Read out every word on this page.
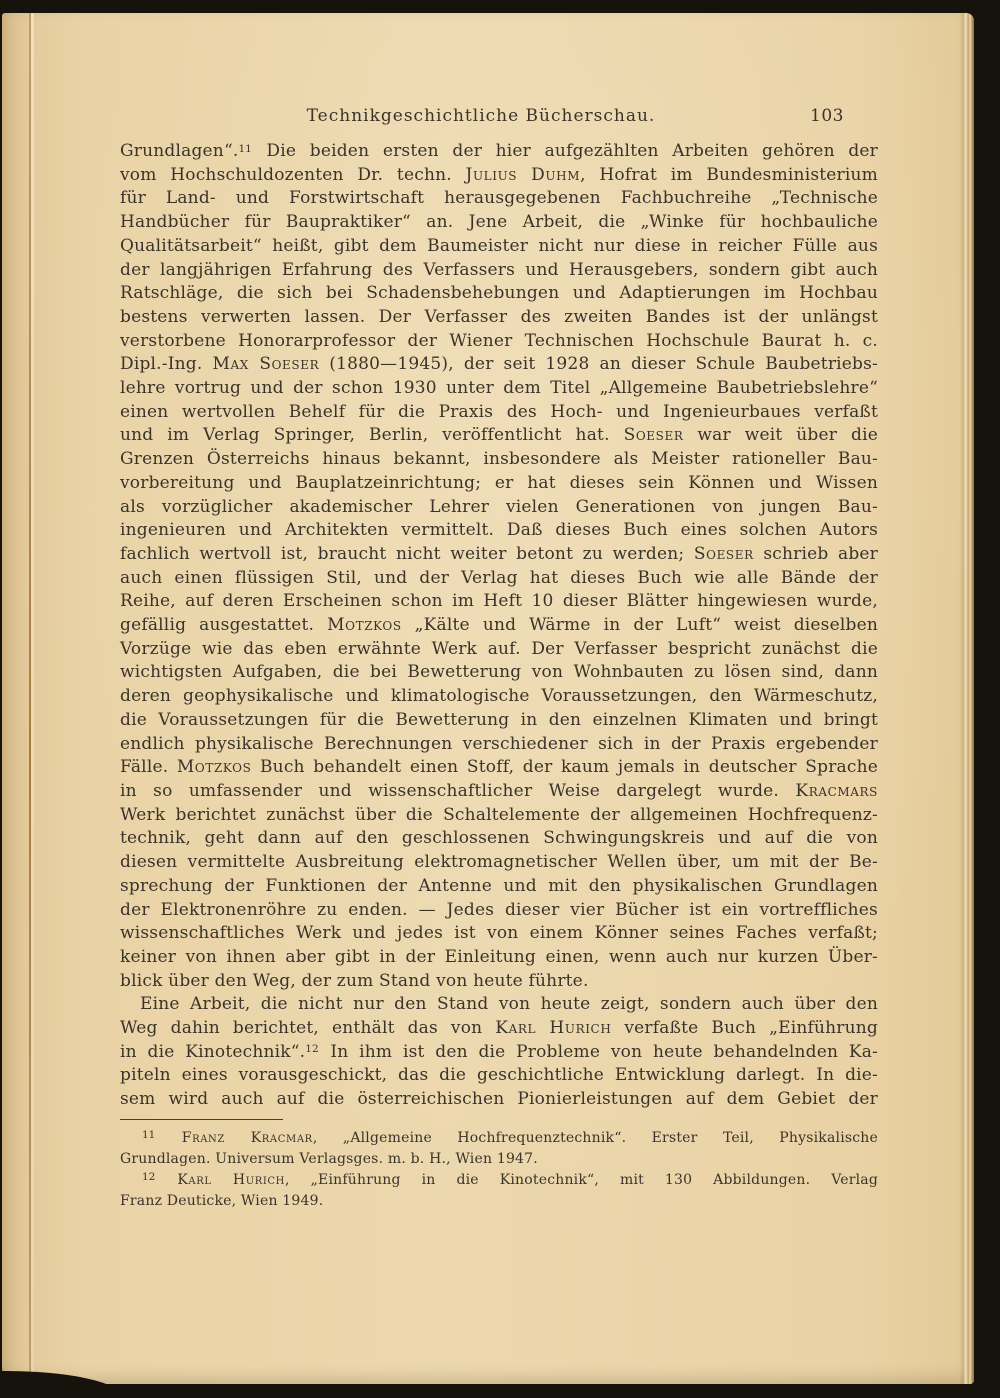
Technikgeschichtliche Bücherschau.	103
Grundlagen“.$^{11}$ Die beiden ersten der hier aufgezählten Arbeiten gehören der
vom Hochschuldozenten Dr. techn. Julius Duhm, Hofrat im Bundesministerium
für Land- und Forstwirtschaft herausgegebenen Fachbuchreihe „Technische
Handbücher für Baupraktiker“ an. Jene Arbeit, die „Winke für hochbauliche
Qualitätsarbeit“ heißt, gibt dem Baumeister nicht nur diese in reicher Fülle aus
der langjährigen Erfahrung des Verfassers und Herausgebers, sondern gibt auch
Ratschläge, die sich bei Schadensbehebungen und Adaptierungen im Hochbau
bestens verwerten lassen. Der Verfasser des zweiten Bandes ist der unlängst
verstorbene Honorarprofessor der Wiener Technischen Hochschule Baurat h. c.
Dipl.-Ing. Max Soeser (1880—1945), der seit 1928 an dieser Schule Baubetriebs-
lehre vortrug und der schon 1930 unter dem Titel „Allgemeine Baubetriebslehre“
einen wertvollen Behelf für die Praxis des Hoch- und Ingenieurbaues verfaßt
und im Verlag Springer, Berlin, veröffentlicht hat. Soeser war weit über die
Grenzen Österreichs hinaus bekannt, insbesondere als Meister rationeller Bau-
vorbereitung und Bauplatzeinrichtung; er hat dieses sein Können und Wissen
als vorzüglicher akademischer Lehrer vielen Generationen von jungen Bau-
ingenieuren und Architekten vermittelt. Daß dieses Buch eines solchen Autors
fachlich wertvoll ist, braucht nicht weiter betont zu werden; Soeser schrieb aber
auch einen flüssigen Stil, und der Verlag hat dieses Buch wie alle Bände der
Reihe, auf deren Erscheinen schon im Heft 10 dieser Blätter hingewiesen wurde,
gefällig ausgestattet. Motzkos „Kälte und Wärme in der Luft“ weist dieselben
Vorzüge wie das eben erwähnte Werk auf. Der Verfasser bespricht zunächst die
wichtigsten Aufgaben, die bei Bewetterung von Wohnbauten zu lösen sind, dann
deren geophysikalische und klimatologische Voraussetzungen, den Wärmeschutz,
die Voraussetzungen für die Bewetterung in den einzelnen Klimaten und bringt
endlich physikalische Berechnungen verschiedener sich in der Praxis ergebender
Fälle. Motzkos Buch behandelt einen Stoff, der kaum jemals in deutscher Sprache
in so umfassender und wissenschaftlicher Weise dargelegt wurde. Kracmars
Werk berichtet zunächst über die Schaltelemente der allgemeinen Hochfrequenz-
technik, geht dann auf den geschlossenen Schwingungskreis und auf die von
diesen vermittelte Ausbreitung elektromagnetischer Wellen über, um mit der Be-
sprechung der Funktionen der Antenne und mit den physikalischen Grundlagen
der Elektronenröhre zu enden. — Jedes dieser vier Bücher ist ein vortreffliches
wissenschaftliches Werk und jedes ist von einem Könner seines Faches verfaßt;
keiner von ihnen aber gibt in der Einleitung einen, wenn auch nur kurzen Über-
blick über den Weg, der zum Stand von heute führte.
Eine Arbeit, die nicht nur den Stand von heute zeigt, sondern auch über den
Weg dahin berichtet, enthält das von Karl Hurich verfaßte Buch „Einführung
in die Kinotechnik“.$^{12}$ In ihm ist den die Probleme von heute behandelnden Ka-
piteln eines vorausgeschickt, das die geschichtliche Entwicklung darlegt. In die-
sem wird auch auf die österreichischen Pionierleistungen auf dem Gebiet der
$^{11}$ Franz Kracmar, „Allgemeine Hochfrequenztechnik“. Erster Teil, Physikalische
Grundlagen. Universum Verlagsges. m. b. H., Wien 1947.
$^{12}$ Karl Hurich, „Einführung in die Kinotechnik“, mit 130 Abbildungen. Verlag
Franz Deuticke, Wien 1949.
